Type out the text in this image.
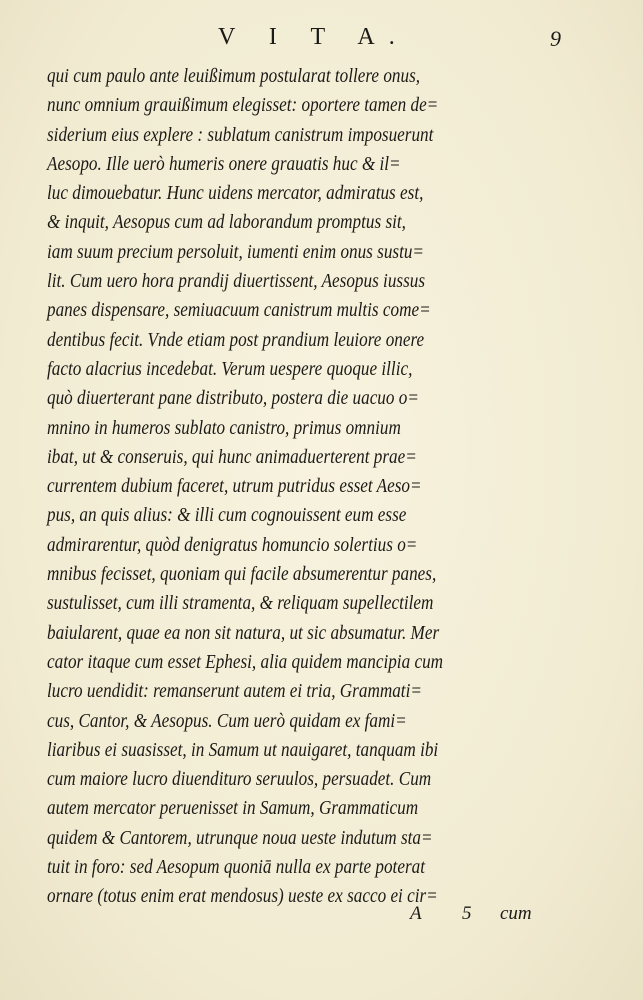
V I T A.	9
qui cum paulo ante leuißimum postularat tollere onus,
nunc omnium grauißimum elegisset: oportere tamen de=
siderium eius explere : sublatum canistrum imposuerunt
Aesopo. Ille uerò humeris onere grauatis huc & il=
luc dimouebatur. Hunc uidens mercator, admiratus est,
& inquit, Aesopus cum ad laborandum promptus sit,
iam suum precium persoluit, iumenti enim onus sustu=
lit. Cum uero hora prandij diuertissent, Aesopus iussus
panes dispensare, semiuacuum canistrum multis come=
dentibus fecit. Vnde etiam post prandium leuiore onere
facto alacrius incedebat. Verum uespere quoque illic,
quò diuerterant pane distributo, postera die uacuo o=
mnino in humeros sublato canistro, primus omnium
ibat, ut & conseruis, qui hunc animaduerterent prae=
currentem dubium faceret, utrum putridus esset Aeso=
pus, an quis alius: & illi cum cognouissent eum esse
admirarentur, quòd denigratus homuncio solertius o=
mnibus fecisset, quoniam qui facile absumerentur panes,
sustulisset, cum illi stramenta, & reliquam supellectilem
baiularent, quae ea non sit natura, ut sic absumatur. Mer
cator itaque cum esset Ephesi, alia quidem mancipia cum
lucro uendidit: remanserunt autem ei tria, Grammati=
cus, Cantor, & Aesopus. Cum uerò quidam ex fami=
liaribus ei suasisset, in Samum ut nauigaret, tanquam ibi
cum maiore lucro diuendituro seruulos, persuadet. Cum
autem mercator peruenisset in Samum, Grammaticum
quidem & Cantorem, utrunque noua ueste indutum sta=
tuit in foro: sed Aesopum quoniā nulla ex parte poterat
ornare (totus enim erat mendosus) ueste ex sacco ei cir=
A 5 cum
